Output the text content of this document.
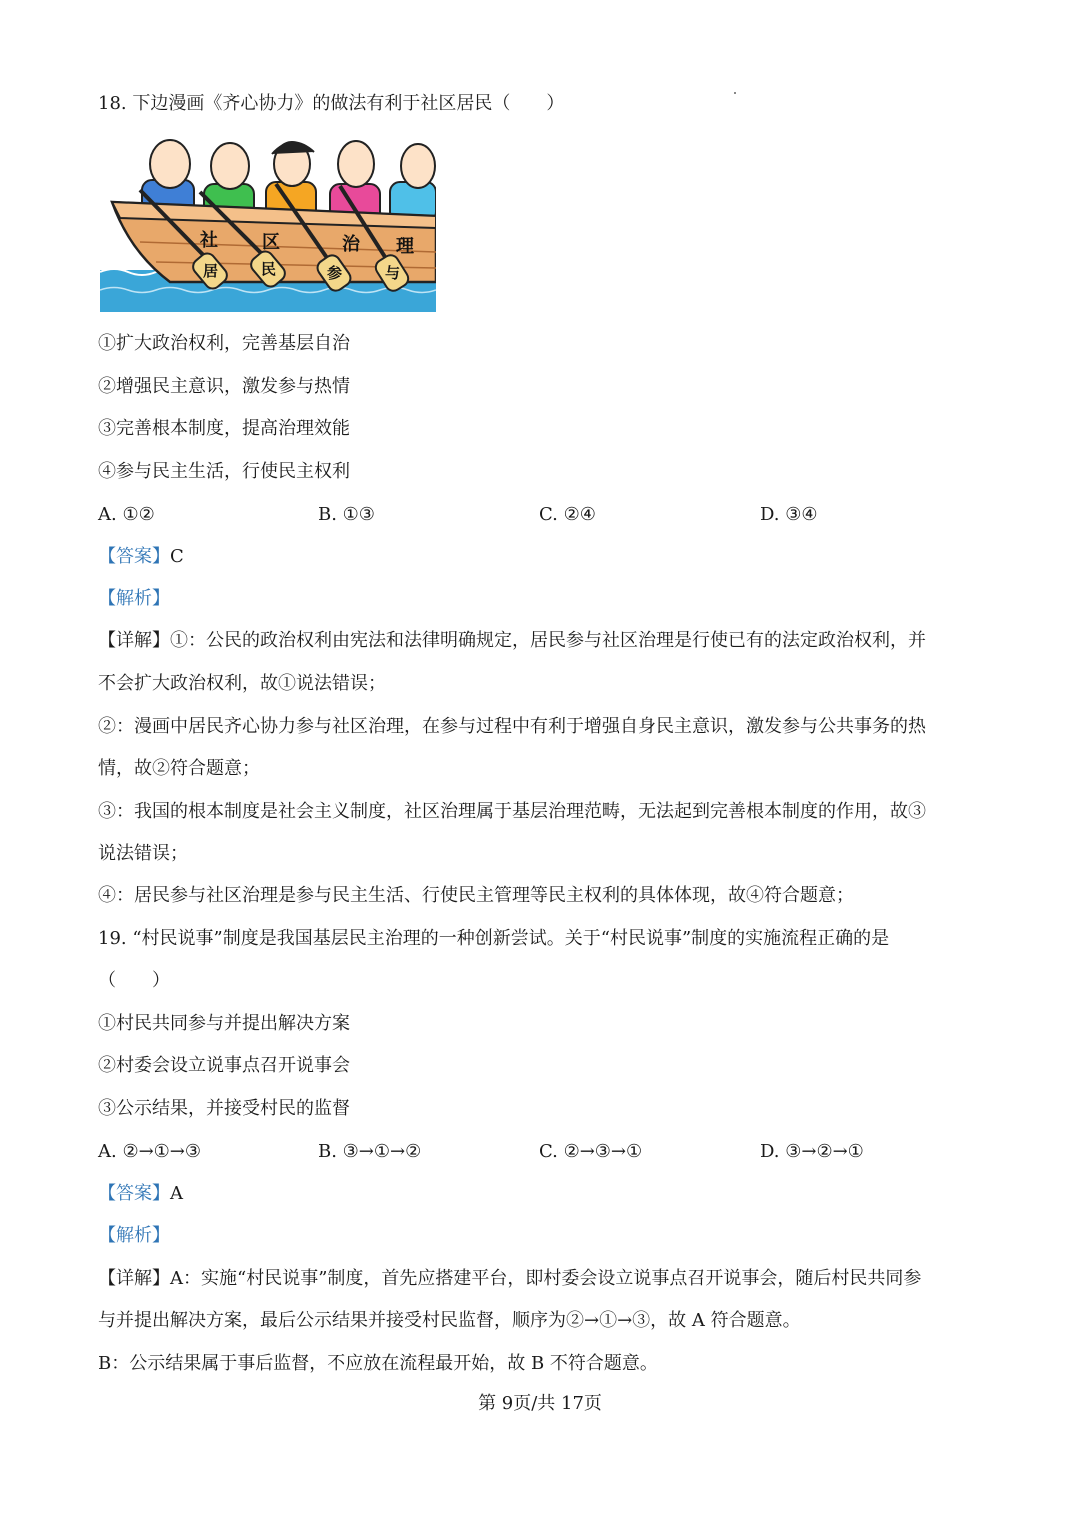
18. 下边漫画《齐心协力》的做法有利于社区居民（　　）
社 区	治 理
居	民	参	与
①扩大政治权利，完善基层自治
②增强民主意识，激发参与热情
③完善根本制度，提高治理效能
④参与民主生活，行使民主权利
A. ①②	B. ①③	C. ②④	D. ③④
【答案】C
【解析】
【详解】①：公民的政治权利由宪法和法律明确规定，居民参与社区治理是行使已有的法定政治权利，并
不会扩大政治权利，故①说法错误；
②：漫画中居民齐心协力参与社区治理，在参与过程中有利于增强自身民主意识，激发参与公共事务的热
情，故②符合题意；
③：我国的根本制度是社会主义制度，社区治理属于基层治理范畴，无法起到完善根本制度的作用，故③
说法错误；
④：居民参与社区治理是参与民主生活、行使民主管理等民主权利的具体体现，故④符合题意；
19. “村民说事”制度是我国基层民主治理的一种创新尝试。关于“村民说事”制度的实施流程正确的是
（　　）
①村民共同参与并提出解决方案
②村委会设立说事点召开说事会
③公示结果，并接受村民的监督
A. ②→①→③	B. ③→①→②	C. ②→③→①	D. ③→②→①
【答案】A
【解析】
【详解】A：实施“村民说事”制度，首先应搭建平台，即村委会设立说事点召开说事会，随后村民共同参
与并提出解决方案，最后公示结果并接受村民监督，顺序为②→①→③，故 A 符合题意。
B：公示结果属于事后监督，不应放在流程最开始，故 B 不符合题意。
第 9页/共 17页
